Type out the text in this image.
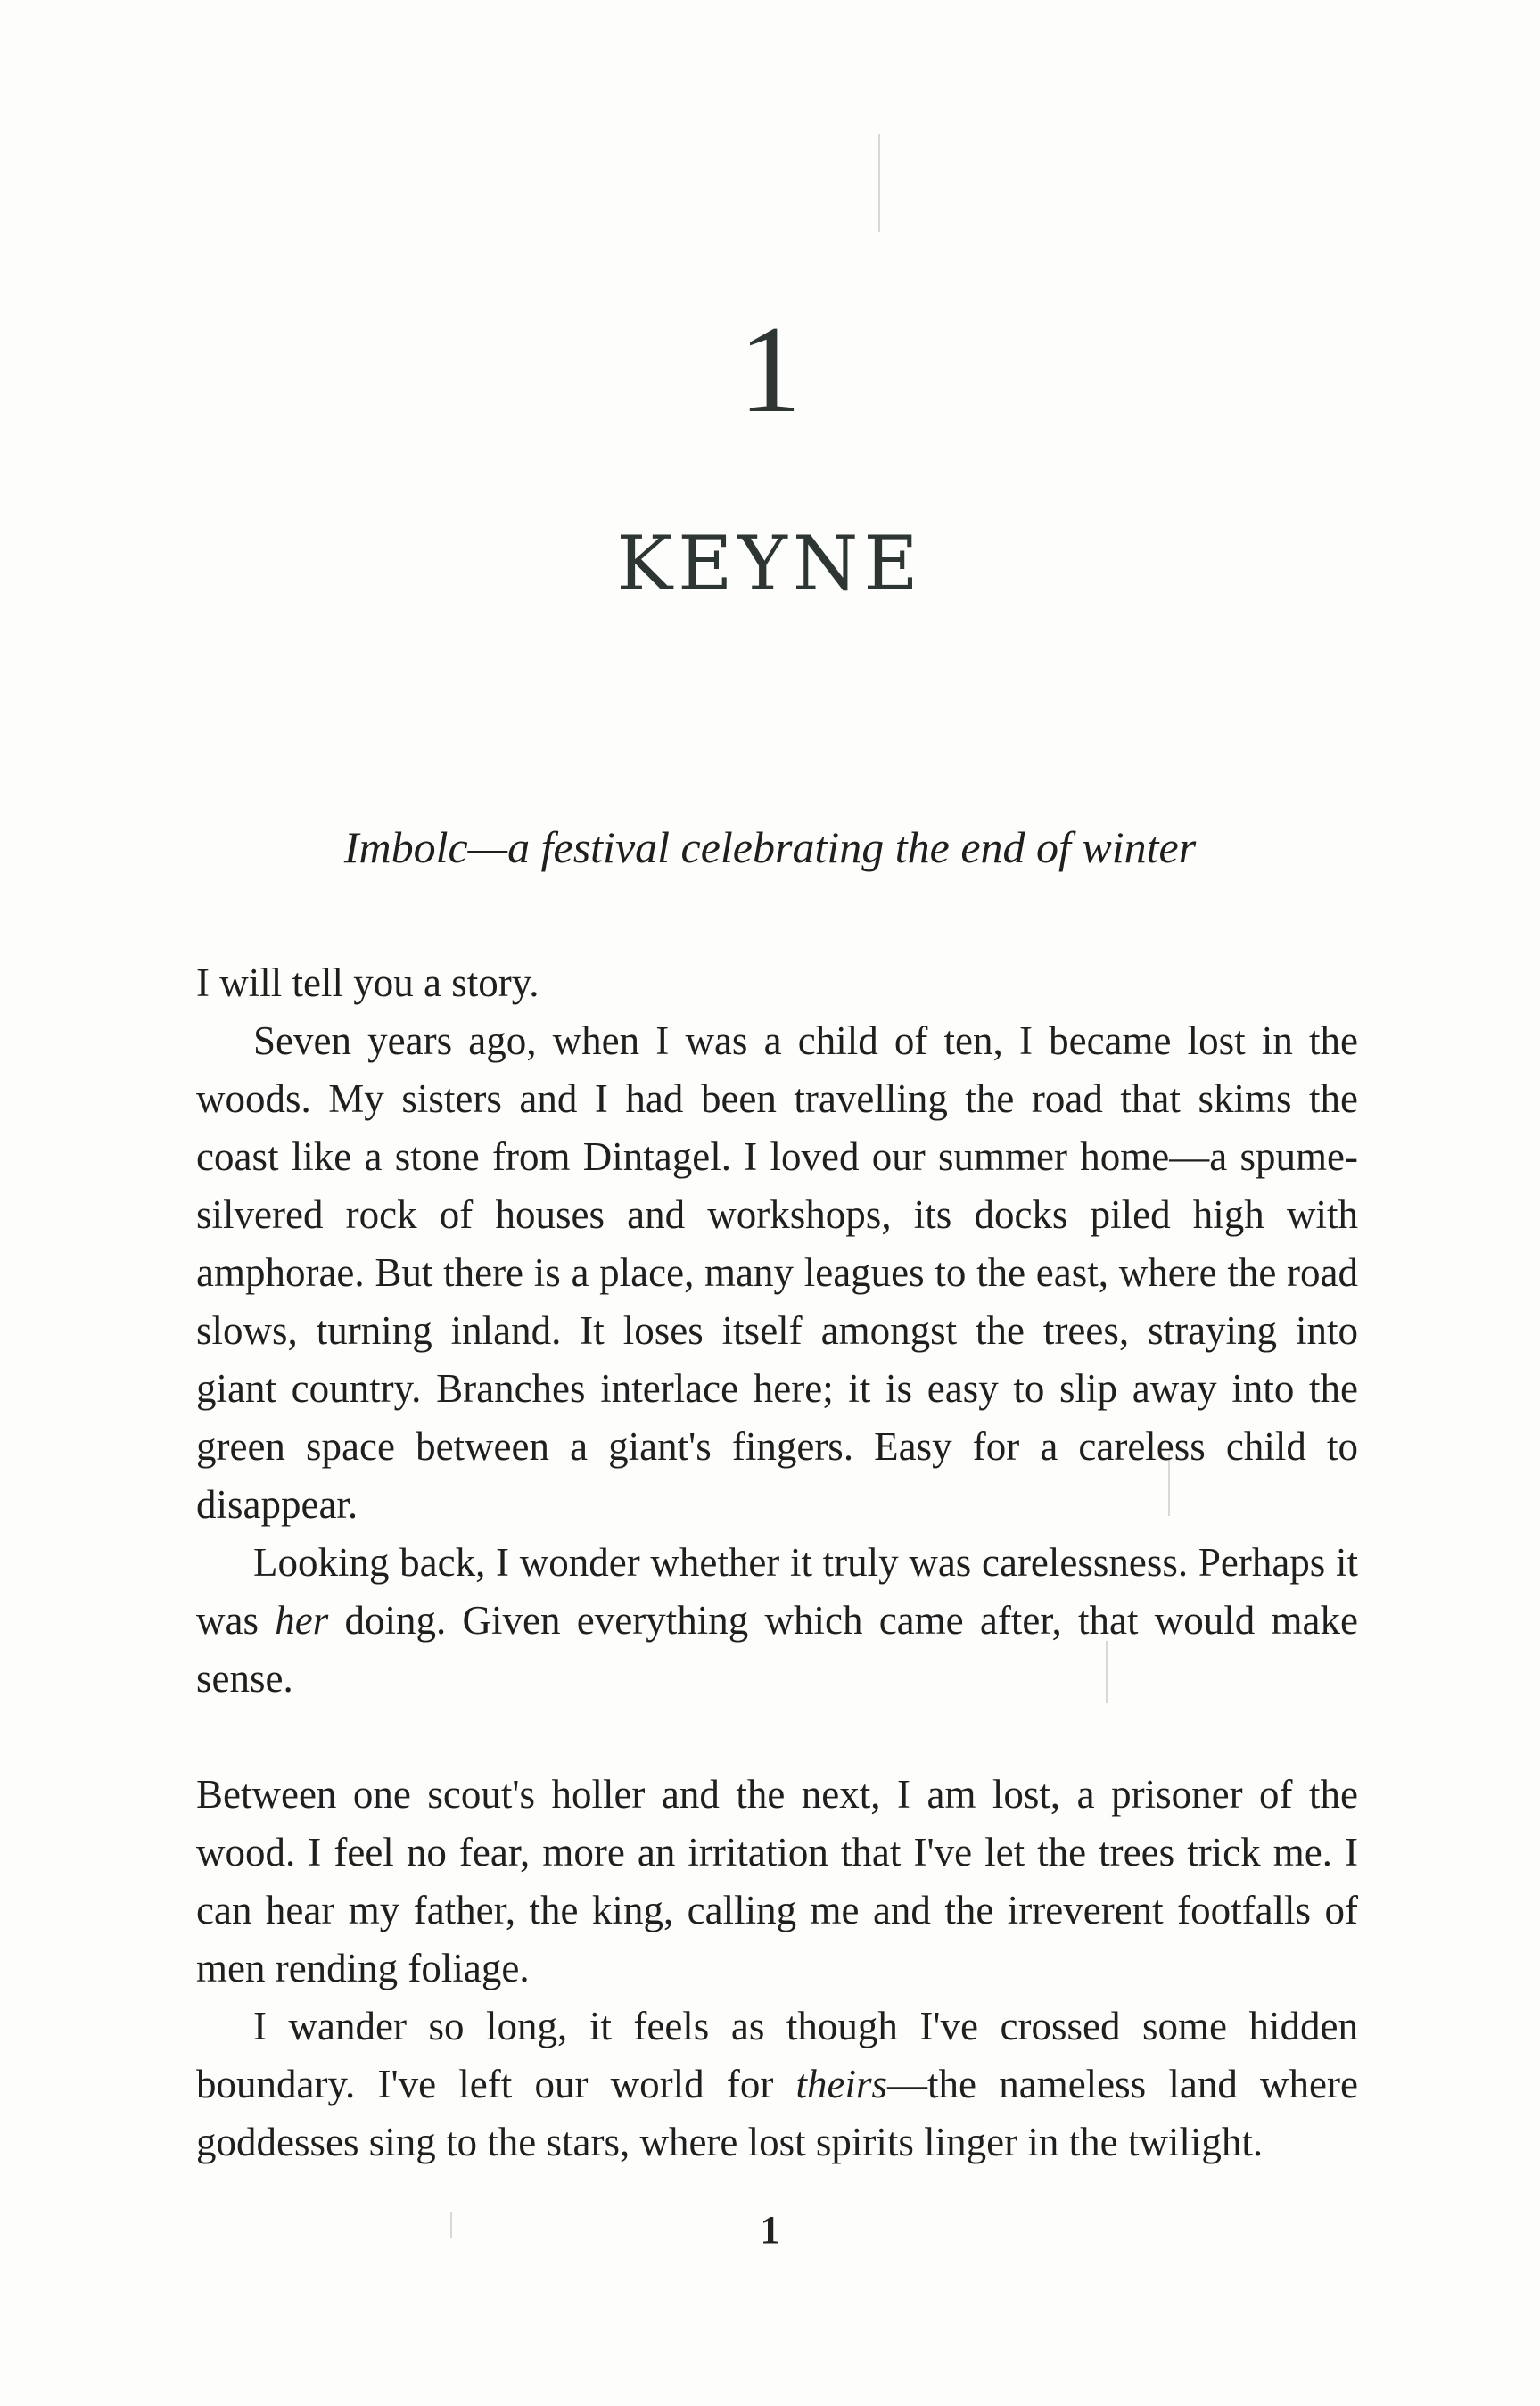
1
KEYNE
Imbolc—a festival celebrating the end of winter

I will tell you a story.

Seven years ago, when I was a child of ten, I became lost in the woods. My sisters and I had been travelling the road that skims the coast like a stone from Dintagel. I loved our summer home—a spume-silvered rock of houses and workshops, its docks piled high with amphorae. But there is a place, many leagues to the east, where the road slows, turning inland. It loses itself amongst the trees, straying into giant country. Branches interlace here; it is easy to slip away into the green space between a giant's fingers. Easy for a careless child to disappear.

Looking back, I wonder whether it truly was carelessness. Perhaps it was her doing. Given everything which came after, that would make sense.

Between one scout's holler and the next, I am lost, a prisoner of the wood. I feel no fear, more an irritation that I've let the trees trick me. I can hear my father, the king, calling me and the irreverent footfalls of men rending foliage.

I wander so long, it feels as though I've crossed some hidden boundary. I've left our world for theirs—the nameless land where goddesses sing to the stars, where lost spirits linger in the twilight.

1
